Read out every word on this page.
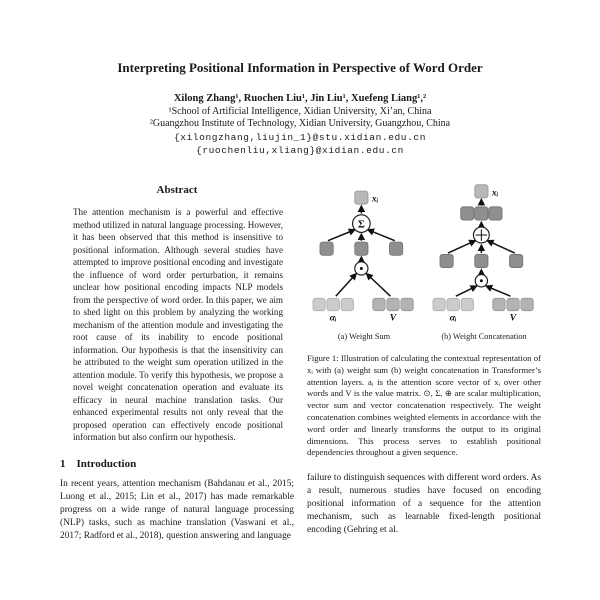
Interpreting Positional Information in Perspective of Word Order
Xilong Zhang¹, Ruochen Liu¹, Jin Liu¹, Xuefeng Liang¹,²
¹School of Artificial Intelligence, Xidian University, Xi’an, China
²Guangzhou Institute of Technology, Xidian University, Guangzhou, China
{xilongzhang,liujin_1}@stu.xidian.edu.cn
{ruochenliu,xliang}@xidian.edu.cn
Abstract
The attention mechanism is a powerful and effective method utilized in natural language processing. However, it has been observed that this method is insensitive to positional information. Although several studies have attempted to improve positional encoding and investigate the influence of word order perturbation, it remains unclear how positional encoding impacts NLP models from the perspective of word order. In this paper, we aim to shed light on this problem by analyzing the working mechanism of the attention module and investigating the root cause of its inability to encode positional information. Our hypothesis is that the insensitivity can be attributed to the weight sum operation utilized in the attention module. To verify this hypothesis, we propose a novel weight concatenation operation and evaluate its efficacy in neural machine translation tasks. Our enhanced experimental results not only reveal that the proposed operation can effectively encode positional information but also confirm our hypothesis.
1 Introduction
In recent years, attention mechanism (Bahdanau et al., 2015; Luong et al., 2015; Lin et al., 2017) has made remarkable progress on a wide range of natural language processing (NLP) tasks, such as machine translation (Vaswani et al., 2017; Radford et al., 2018), question answering and language
xᵢ
Σ
αᵢ	V
(a) Weight Sum
xᵢ
αᵢ	V
(b) Weight Concatenation
Figure 1: Illustration of calculating the contextual representation of xᵢ with (a) weight sum (b) weight concatenation in Transformer’s attention layers. aᵢ is the attention score vector of xᵢ over other words and V is the value matrix. ⊙, Σ, ⊕ are scalar multiplication, vector sum and vector concatenation respectively. The weight concatenation combines weighted elements in accordance with the word order and linearly transforms the output to its original dimensions. This process serves to establish positional dependencies throughout a given sequence.
failure to distinguish sequences with different word orders. As a result, numerous studies have focused on encoding positional information of a sequence for the attention mechanism, such as learnable fixed-length positional encoding (Gehring et al.
